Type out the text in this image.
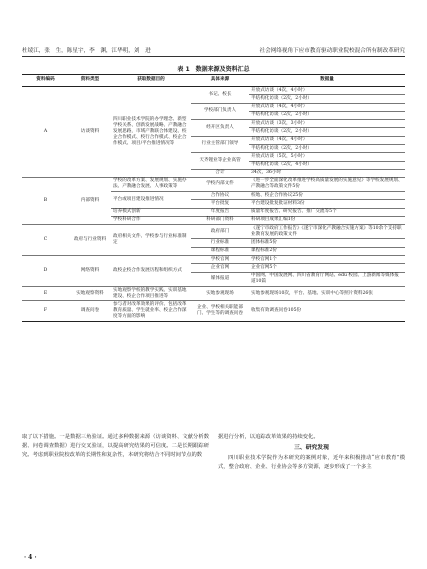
杜绫江，张　生，陈星宇，李　渊，江华明，刘　进	社会网络视角下应市教育驱动职业院校混合所有制改革研究
表 1　数据来源及资料汇总
资料编码	资料类型	获取数据目的	具体来源	数据量
A	访谈资料	四川职业技术学院的办学理念、新型学校关系、创新发展战略、产教融合发展思路，市域产教联合体建设、校企合作模式、校行合作模式、校企合作模式、项目/平台推进情况等	书记、校长	开放式访谈（4次，4小时）
				半结构化访谈（2次，2小时）
			学校部门负责人	开放式访谈（4次，4小时）
				半结构化访谈（2次，2小时）
			经开区负责人	开放式访谈（3次，3小时）
				半结构化访谈（2次，2小时）
			行业主管部门领导	开放式访谈（4次，4小时）
				半结构化访谈（2次，2小时）
			天齐锂业等企业高管	开放式访谈（5次，5小时）
				半结构化访谈（2次，4小时）
			合计	34次，36小时

B	内部资料	学校的改革方案、发展规划、实施办法、产教融合发展、人事政策等	学校内部文件	《进一步全面深化改革推进学校高质量发展的实施意见》等学校发展规划、产教融合等政策文件5份
		平台或项目建设推进情况	合作协议	校地、校企合作协议25份
			平台批复	平台建设批复批证材料3份
		培养模式创新	年度报告	质量年度报告、研究报告、推广交流等5个
		学校科研合作	科研部门资料	科研项目成果汇编1份
C	政府与行业资料	政府相关文件、学校参与行业标准制定	政府部门	《遂宁市政府工作报告》《遂宁市深化产教融合实施方案》等10余个支持职业教育发展的政策文件
			行业标准	团体标准5份
			课程标准	课程标准2份
D	网络资料	政校企校合作发展历程和组织方式	学校官网	学校官网1个
			企业官网	企业官网5个
			媒体报道	中国网、中国发展网、四川省教育厅网站、edu 校园、上游新闻等媒体报道10篇
E	实地观察资料	实地观察学校的教学实践、实训基地建设、校企合作项目推进等	实地参观现场	实地参观现场10次，平台、基地、实训中心等照片资料26张

F	调查问卷	参与者对改革效果的评价、包括改革教育质量、学生就业率、校企合作深度等方面的影响	企业、学校相关职能部门、学生等的调查问卷	收集有效调查问卷105份

取了以下措施。一是数据三角验证。通过多种数据来源（访谈资料、文献分析数据、问卷调查数据）进行交叉验证，以提高研究结果的可信度。二是长期跟踪研究。考虑到职业院校改革的长期性和复杂性，本研究将结合不同时间节点的数

据进行分析，以追踪改革效果的持续变化。

三、研究发现

四川职业技术学院作为本研究的案例对象，近年来积极推动“应市教育”模式，整合政府、企业、行业协会等多方资源，逐步形成了一个多主

· 4 ·
